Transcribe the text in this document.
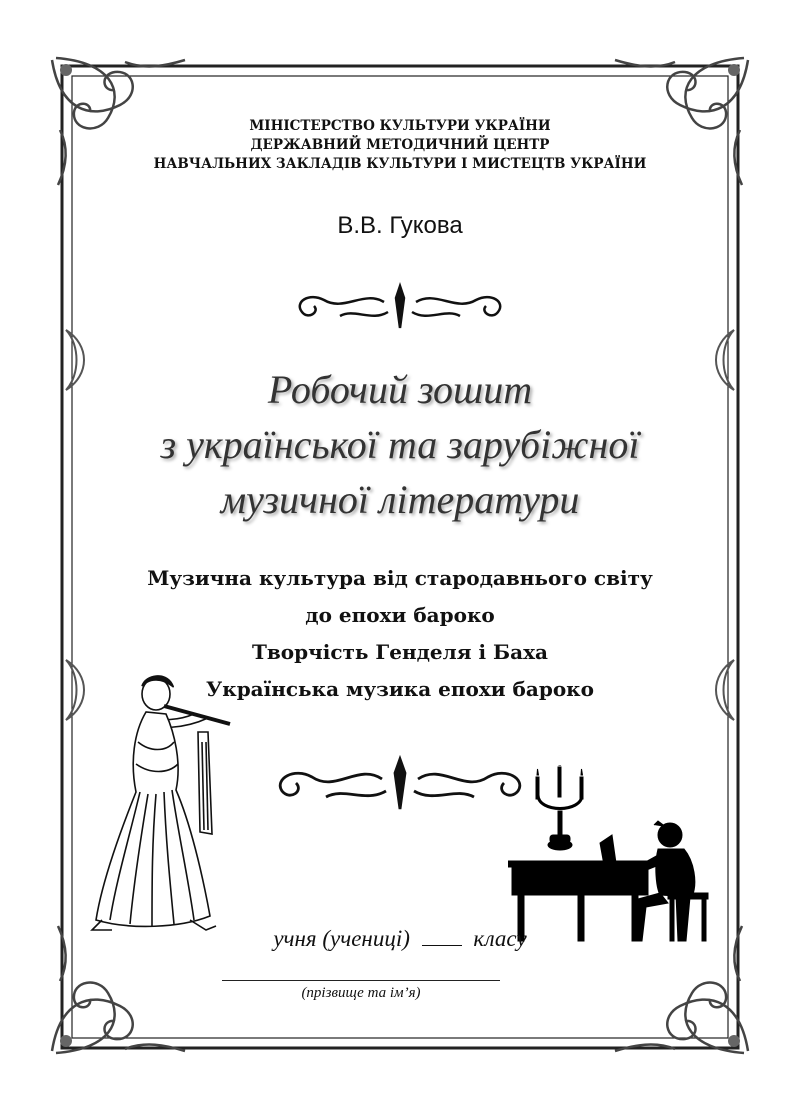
МІНІСТЕРСТВО КУЛЬТУРИ УКРАЇНИ
ДЕРЖАВНИЙ МЕТОДИЧНИЙ ЦЕНТР
НАВЧАЛЬНИХ ЗАКЛАДІВ КУЛЬТУРИ І МИСТЕЦТВ УКРАЇНИ
В.В. Гукова
Робочий зошит
з української та зарубіжної
музичної літератури
Музична культура від стародавнього світу
до епохи бароко
Творчість Генделя і Баха
Українська музика епохи бароко
учня (учениці)	класу
(прізвище та ім’я)
